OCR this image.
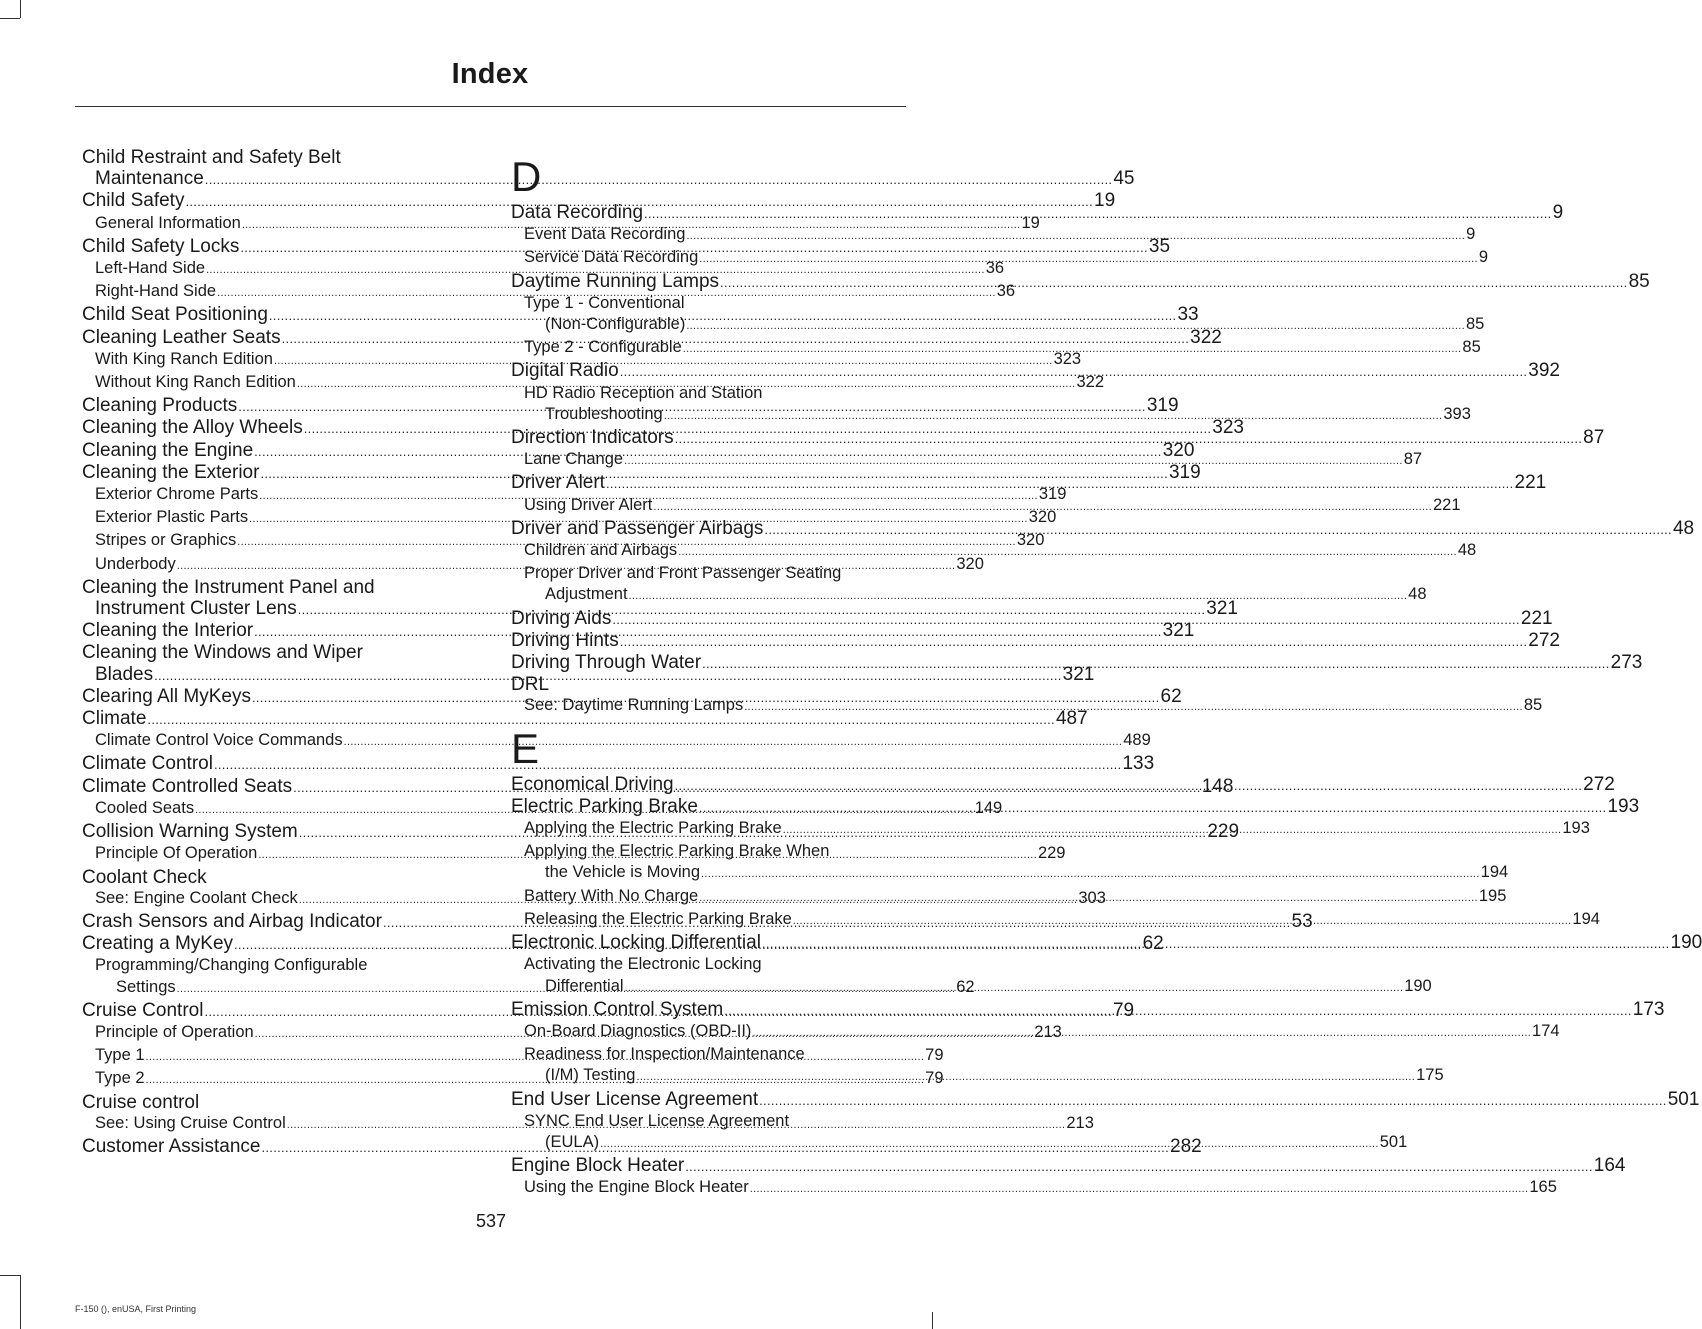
Index
Child Restraint and Safety Belt
Maintenance .....	45
Child Safety .....	19
General Information .....	19
Child Safety Locks .....	35
Left-Hand Side .....	36
Right-Hand Side .....	36
Child Seat Positioning .....	33
Cleaning Leather Seats .....	322
With King Ranch Edition .....	323
Without King Ranch Edition .....	322
Cleaning Products .....	319
Cleaning the Alloy Wheels .....	323
Cleaning the Engine .....	320
Cleaning the Exterior .....	319
Exterior Chrome Parts .....	319
Exterior Plastic Parts .....	320
Stripes or Graphics .....	320
Underbody .....	320
Cleaning the Instrument Panel and
Instrument Cluster Lens .....	321
Cleaning the Interior .....	321
Cleaning the Windows and Wiper
Blades .....	321
Clearing All MyKeys .....	62
Climate .....	487
Climate Control Voice Commands .....	489
Climate Control .....	133
Climate Controlled Seats .....	148
Cooled Seats .....	149
Collision Warning System .....	229
Principle Of Operation .....	229
Coolant Check
See: Engine Coolant Check .....	303
Crash Sensors and Airbag Indicator .....	53
Creating a MyKey .....	62
Programming/Changing Configurable
Settings .....	62
Cruise Control .....	79
Principle of Operation .....	213
Type 1 .....	79
Type 2 .....	79
Cruise control
See: Using Cruise Control .....	213
Customer Assistance .....	282
D
Data Recording .....	9
Event Data Recording .....	9
Service Data Recording .....	9
Daytime Running Lamps .....	85
Type 1 - Conventional
(Non-Configurable) .....	85
Type 2 - Configurable .....	85
Digital Radio .....	392
HD Radio Reception and Station
Troubleshooting .....	393
Direction Indicators .....	87
Lane Change .....	87
Driver Alert .....	221
Using Driver Alert .....	221
Driver and Passenger Airbags .....	48
Children and Airbags .....	48
Proper Driver and Front Passenger Seating
Adjustment .....	48
Driving Aids .....	221
Driving Hints .....	272
Driving Through Water .....	273
DRL
See: Daytime Running Lamps .....	85
E
Economical Driving .....	272
Electric Parking Brake .....	193
Applying the Electric Parking Brake .....	193
Applying the Electric Parking Brake When
the Vehicle is Moving .....	194
Battery With No Charge .....	195
Releasing the Electric Parking Brake .....	194
Electronic Locking Differential .....	190
Activating the Electronic Locking
Differential .....	190
Emission Control System .....	173
On-Board Diagnostics (OBD-II) .....	174
Readiness for Inspection/Maintenance
(I/M) Testing .....	175
End User License Agreement .....	501
SYNC End User License Agreement
(EULA) .....	501
Engine Block Heater .....	164
Using the Engine Block Heater .....	165
537
F-150 (), enUSA, First Printing
